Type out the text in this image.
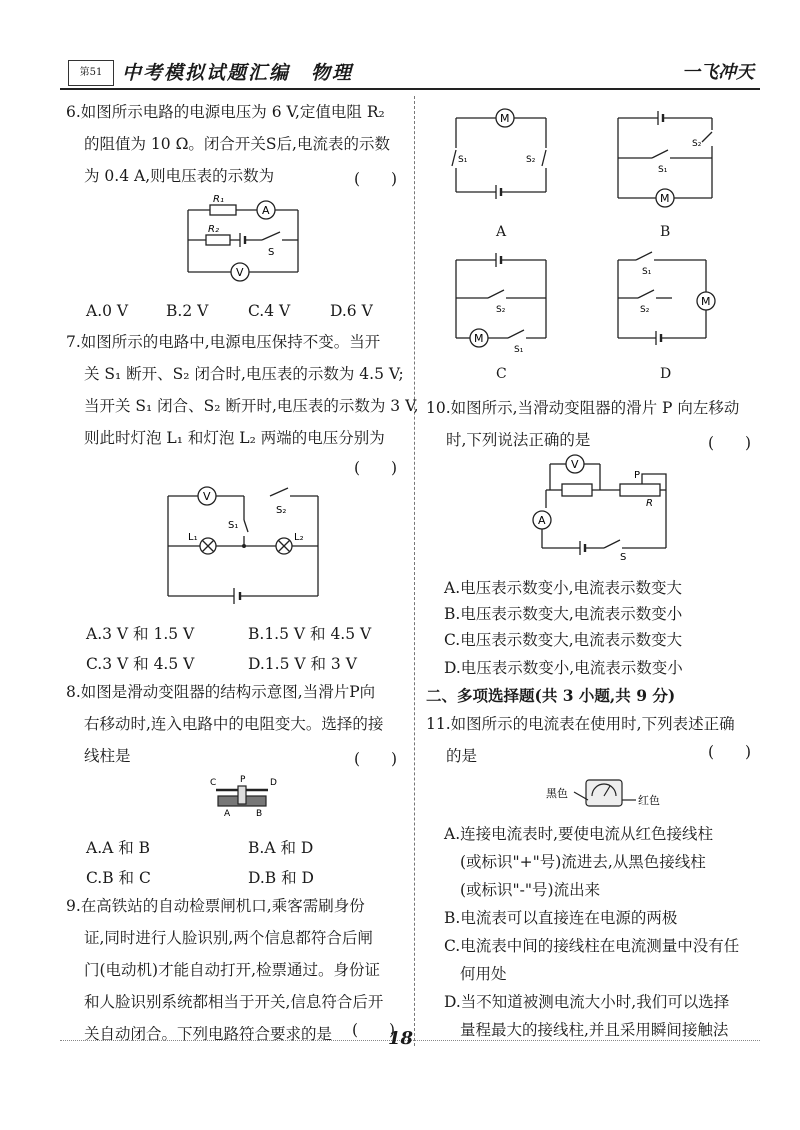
第51	中考模拟试题汇编　物理	一飞冲天
6.如图所示电路的电源电压为 6 V,定值电阻 R₂
的阻值为 10 Ω。闭合开关S后,电流表的示数
为 0.4 A,则电压表的示数为	(　　)
R₁
R₂
A
V
S
A.0 V B.2 V	C.4 V	D.6 V
7.如图所示的电路中,电源电压保持不变。当开
关 S₁ 断开、S₂ 闭合时,电压表的示数为 4.5 V;
当开关 S₁ 闭合、S₂ 断开时,电压表的示数为 3 V,
则此时灯泡 L₁ 和灯泡 L₂ 两端的电压分别为
(　　)
V
S₁
S₂
L₁	L₂
A.3 V 和 1.5 V	B.1.5 V 和 4.5 V
C.3 V 和 4.5 V	D.1.5 V 和 3 V
8.如图是滑动变阻器的结构示意图,当滑片P向
右移动时,连入电路中的电阻变大。选择的接
线柱是	(　　)
C	P	D
A	B
A.A 和 B	B.A 和 D
C.B 和 C	D.B 和 D
9.在高铁站的自动检票闸机口,乘客需刷身份
证,同时进行人脸识别,两个信息都符合后闸
门(电动机)才能自动打开,检票通过。身份证
和人脸识别系统都相当于开关,信息符合后开
关自动闭合。下列电路符合要求的是 (　　)
M
S₁	S₂
M
S₂
S₁
M
S₂
S₁
M
S₁
S₂
A	B
C	D
10.如图所示,当滑动变阻器的滑片 P 向左移动
时,下列说法正确的是	(　　)
V
A
P
R
S
A.电压表示数变小,电流表示数变大
B.电压表示数变大,电流表示数变小
C.电压表示数变大,电流表示数变大
D.电压表示数变小,电流表示数变小
二、多项选择题(共 3 小题,共 9 分)
11.如图所示的电流表在使用时,下列表述正确
的是	(　　)
黑色
红色
A.连接电流表时,要使电流从红色接线柱
(或标识"+"号)流进去,从黑色接线柱
(或标识"-"号)流出来
B.电流表可以直接连在电源的两极
C.电流表中间的接线柱在电流测量中没有任
何用处
D.当不知道被测电流大小时,我们可以选择
量程最大的接线柱,并且采用瞬间接触法
18
